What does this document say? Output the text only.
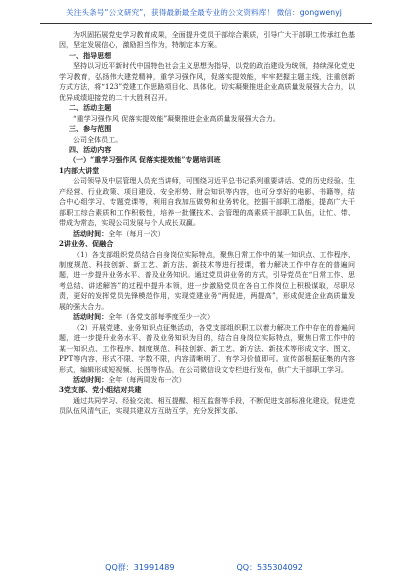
关注头条号“公文研究”，获得最新最全最专业的公文资料库！ 微信：gongwenyj

为巩固拓展党史学习教育成果，全面提升党员干部综合素质，引导广大干部职工传承红色基因，坚定发展信心，激励担当作为，特制定本方案。

一、指导思想

坚持以习近平新时代中国特色社会主义思想为指导，以党的政治建设为统领，持续深化党史学习教育，弘扬伟大建党精神，重学习强作风，促落实提效能，牢牢把握主题主线，注重创新方式方法，将“123”党建工作思路项目化、具体化，切实凝聚推进企业高质量发展强大合力，以优异成绩迎接党的二十大胜利召开。

二、活动主题

“重学习强作风 促落实提效能”凝聚推进企业高质量发展强大合力。

三、参与范围

公司全体员工。

四、活动内容

（一）“重学习强作风 促落实提效能”专题培训班

1内部大讲堂

公司领导及中层管理人员充当讲师，可围绕习近平总书记系列重要讲话、党的历史经验、生产经营、行业政策、项目建设、安全形势、财会知识等内容，也可分享好的电影、书籍等，结合中心组学习、专题党课等，利用自我加压做势和业务转化，挖掘干部职工潜能，提高广大干部职工综合素质和工作积极性，培养一批懂技术、会管理的高素质干部职工队伍，让忙、带、带成为常态，实现公司发展与个人成长双赢。

活动时间：全年（每月一次）

2讲业务、促融合

（1）各支部组织党员结合自身岗位实际特点，聚焦日常工作中的某一知识点、工作程序、制度规范、科技创新、新工艺、新方法、新技术等进行授课，着力解决工作中存在的普遍问题，进一步提升业务水平、普及业务知识。通过党员讲业务的方式，引导党员在“日常工作、思考总结、讲述解答”的过程中提升本领，进一步激励党员在各自工作岗位上积极谋取，尽职尽责，更好的发挥党员先锋模范作用，实现党建业务“两促进，两提高”，形成促进企业高质量发展的强大合力。

活动时间：全年（各党支部每季度至少一次）

（2）开展党建、业务知识点征集活动，各党支部组织职工以着力解决工作中存在的普遍问题，进一步提升业务水平、普及业务知识为目的，结合自身岗位实际特点，聚焦日常工作中的某一知识点、工作程序、制度规范、科技创新、新工艺、新方法、新技术等形成文字、图文、PPT等内容，形式不限、字数不限，内容清晰明了、有学习价值即可。宣传部根据征集的内容形式，编辑形成短视频、长图等作品，在公司微信设文专栏进行发布，供广大干部职工学习。

活动时间：全年（每两周发布一次）

3党支部、党小组结对共建

通过共同学习、经验交流、相互提醒、相互监督等手段，不断促进支部标准化建设，促进党员队伍风清气正，实现共建双方互助互学，充分发挥支部、

QQ群：31991489	QQ：535304092
